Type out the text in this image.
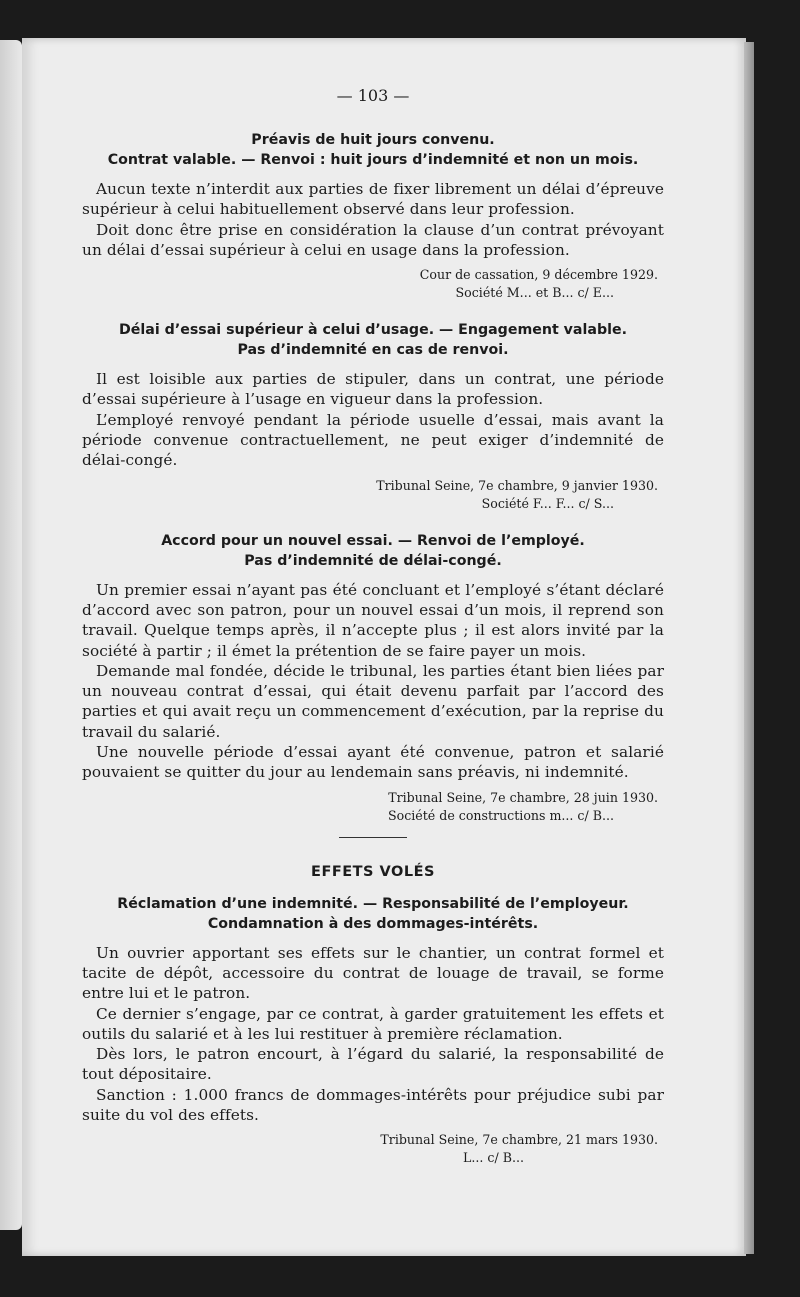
— 103 —

Préavis de huit jours convenu.

Contrat valable. — Renvoi : huit jours d’indemnité et non un mois.

Aucun texte n’interdit aux parties de fixer librement un délai d’épreuve supérieur à celui habituellement observé dans leur profession.

Doit donc être prise en considération la clause d’un contrat prévoyant un délai d’essai supérieur à celui en usage dans la profession.

Cour de cassation, 9 décembre 1929.

Société M... et B... c/ E...

Délai d’essai supérieur à celui d’usage. — Engagement valable.

Pas d’indemnité en cas de renvoi.

Il est loisible aux parties de stipuler, dans un contrat, une période d’essai supérieure à l’usage en vigueur dans la profession.

L’employé renvoyé pendant la période usuelle d’essai, mais avant la période convenue contractuellement, ne peut exiger d’indemnité de délai-congé.

Tribunal Seine, 7e chambre, 9 janvier 1930.

Société F... F... c/ S...

Accord pour un nouvel essai. — Renvoi de l’employé.

Pas d’indemnité de délai-congé.

Un premier essai n’ayant pas été concluant et l’employé s’étant déclaré d’accord avec son patron, pour un nouvel essai d’un mois, il reprend son travail. Quelque temps après, il n’accepte plus ; il est alors invité par la société à partir ; il émet la prétention de se faire payer un mois.

Demande mal fondée, décide le tribunal, les parties étant bien liées par un nouveau contrat d’essai, qui était devenu parfait par l’accord des parties et qui avait reçu un commencement d’exécution, par la reprise du travail du salarié.

Une nouvelle période d’essai ayant été convenue, patron et salarié pouvaient se quitter du jour au lendemain sans préavis, ni indemnité.

Tribunal Seine, 7e chambre, 28 juin 1930.

Société de constructions m... c/ B...

EFFETS VOLÉS

Réclamation d’une indemnité. — Responsabilité de l’employeur.

Condamnation à des dommages-intérêts.

Un ouvrier apportant ses effets sur le chantier, un contrat formel et tacite de dépôt, accessoire du contrat de louage de travail, se forme entre lui et le patron.

Ce dernier s’engage, par ce contrat, à garder gratuitement les effets et outils du salarié et à les lui restituer à première réclamation.

Dès lors, le patron encourt, à l’égard du salarié, la responsabilité de tout dépositaire.

Sanction : 1.000 francs de dommages-intérêts pour préjudice subi par suite du vol des effets.

Tribunal Seine, 7e chambre, 21 mars 1930.

L... c/ B...
